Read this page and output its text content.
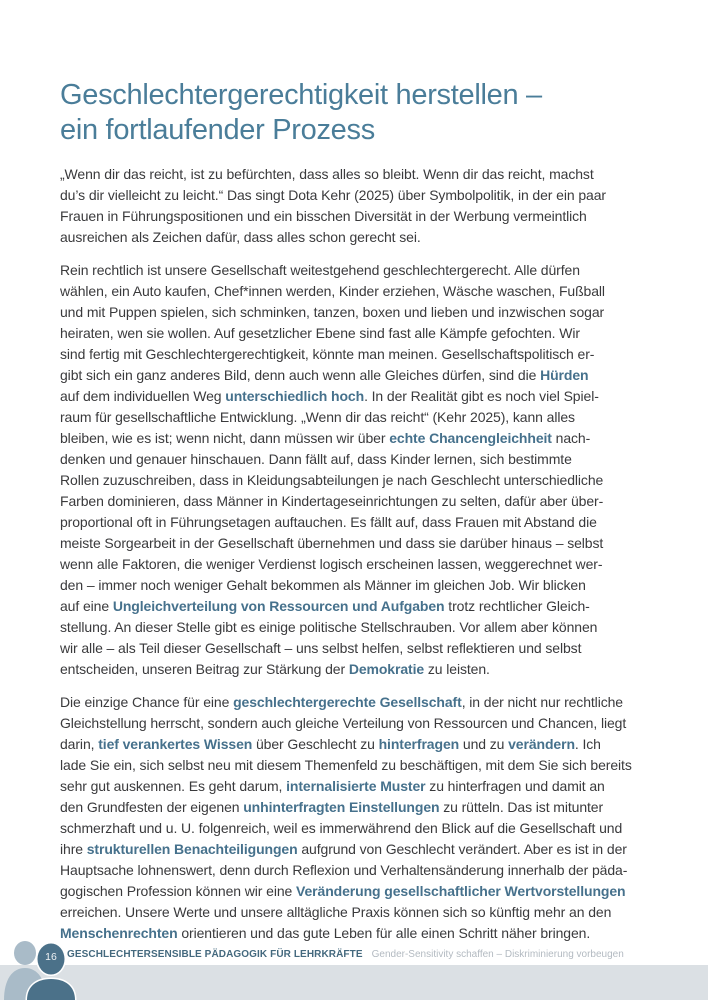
Geschlechtergerechtigkeit herstellen –
ein fortlaufender Prozess
„Wenn dir das reicht, ist zu befürchten, dass alles so bleibt. Wenn dir das reicht, machst
du’s dir vielleicht zu leicht.“ Das singt Dota Kehr (2025) über Symbolpolitik, in der ein paar
Frauen in Führungspositionen und ein bisschen Diversität in der Werbung vermeintlich
ausreichen als Zeichen dafür, dass alles schon gerecht sei.
Rein rechtlich ist unsere Gesellschaft weitestgehend geschlechtergerecht. Alle dürfen
wählen, ein Auto kaufen, Chef*innen werden, Kinder erziehen, Wäsche waschen, Fußball
und mit Puppen spielen, sich schminken, tanzen, boxen und lieben und inzwischen sogar
heiraten, wen sie wollen. Auf gesetzlicher Ebene sind fast alle Kämpfe gefochten. Wir
sind fertig mit Geschlechtergerechtigkeit, könnte man meinen. Gesellschaftspolitisch er-
gibt sich ein ganz anderes Bild, denn auch wenn alle Gleiches dürfen, sind die Hürden
auf dem individuellen Weg unterschiedlich hoch. In der Realität gibt es noch viel Spiel-
raum für gesellschaftliche Entwicklung. „Wenn dir das reicht“ (Kehr 2025), kann alles
bleiben, wie es ist; wenn nicht, dann müssen wir über echte Chancengleichheit nach-
denken und genauer hinschauen. Dann fällt auf, dass Kinder lernen, sich bestimmte
Rollen zuzuschreiben, dass in Kleidungsabteilungen je nach Geschlecht unterschiedliche
Farben dominieren, dass Männer in Kindertageseinrichtungen zu selten, dafür aber über-
proportional oft in Führungsetagen auftauchen. Es fällt auf, dass Frauen mit Abstand die
meiste Sorgearbeit in der Gesellschaft übernehmen und dass sie darüber hinaus – selbst
wenn alle Faktoren, die weniger Verdienst logisch erscheinen lassen, weggerechnet wer-
den – immer noch weniger Gehalt bekommen als Männer im gleichen Job. Wir blicken
auf eine Ungleichverteilung von Ressourcen und Aufgaben trotz rechtlicher Gleich-
stellung. An dieser Stelle gibt es einige politische Stellschrauben. Vor allem aber können
wir alle – als Teil dieser Gesellschaft – uns selbst helfen, selbst reflektieren und selbst
entscheiden, unseren Beitrag zur Stärkung der Demokratie zu leisten.
Die einzige Chance für eine geschlechtergerechte Gesellschaft, in der nicht nur rechtliche
Gleichstellung herrscht, sondern auch gleiche Verteilung von Ressourcen und Chancen, liegt
darin, tief verankertes Wissen über Geschlecht zu hinterfragen und zu verändern. Ich
lade Sie ein, sich selbst neu mit diesem Themenfeld zu beschäftigen, mit dem Sie sich bereits
sehr gut auskennen. Es geht darum, internalisierte Muster zu hinterfragen und damit an
den Grundfesten der eigenen unhinterfragten Einstellungen zu rütteln. Das ist mitunter
schmerzhaft und u. U. folgenreich, weil es immerwährend den Blick auf die Gesellschaft und
ihre strukturellen Benachteiligungen aufgrund von Geschlecht verändert. Aber es ist in der
Hauptsache lohnenswert, denn durch Reflexion und Verhaltensänderung innerhalb der päda-
gogischen Profession können wir eine Veränderung gesellschaftlicher Wertvorstellungen
erreichen. Unsere Werte und unsere alltägliche Praxis können sich so künftig mehr an den
Menschenrechten orientieren und das gute Leben für alle einen Schritt näher bringen.
16	GESCHLECHTERSENSIBLE PÄDAGOGIK FÜR LEHRKRÄFTE Gender-Sensitivity schaffen – Diskriminierung vorbeugen
